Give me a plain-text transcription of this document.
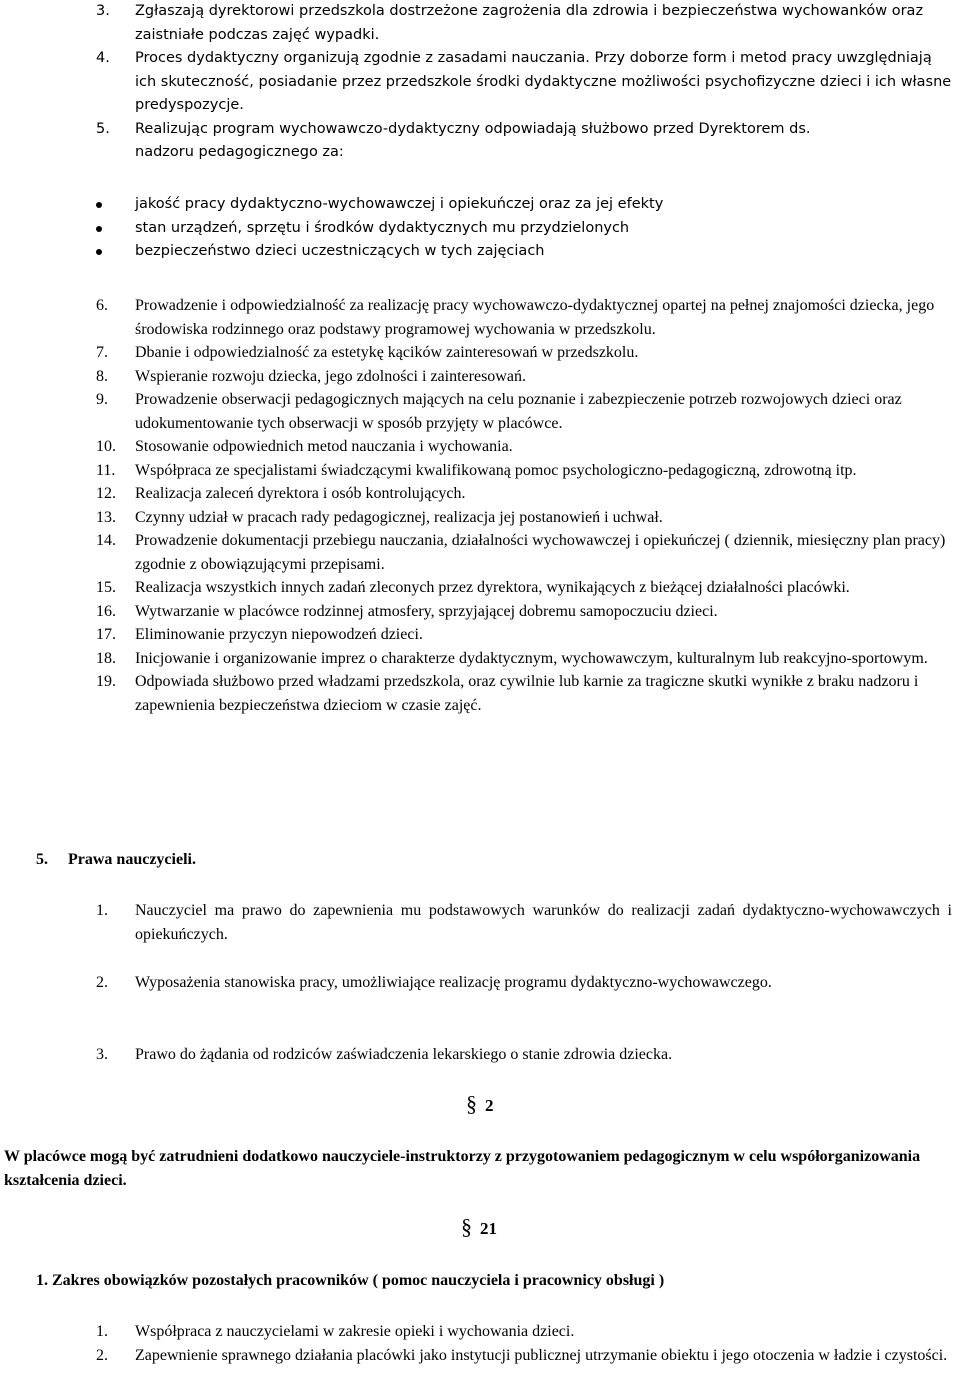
3.	Zgłaszają dyrektorowi przedszkola dostrzeżone zagrożenia dla zdrowia i bezpieczeństwa wychowanków oraz zaistniałe podczas zajęć wypadki.
4.	Proces dydaktyczny organizują zgodnie z zasadami nauczania. Przy doborze form i metod pracy uwzględniają ich skuteczność, posiadanie przez przedszkole środki dydaktyczne możliwości psychofizyczne dzieci i ich własne predyspozycje.
5.	Realizując program wychowawczo-dydaktyczny odpowiadają służbowo przed Dyrektorem ds.
nadzoru pedagogicznego za:
jakość pracy dydaktyczno-wychowawczej i opiekuńczej oraz za jej efekty
stan urządzeń, sprzętu i środków dydaktycznych mu przydzielonych
bezpieczeństwo dzieci uczestniczących w tych zajęciach
6.	Prowadzenie i odpowiedzialność za realizację pracy wychowawczo-dydaktycznej opartej na pełnej znajomości dziecka, jego środowiska rodzinnego oraz podstawy programowej wychowania w przedszkolu.
7.	Dbanie i odpowiedzialność za estetykę kącików zainteresowań w przedszkolu.
8.	Wspieranie rozwoju dziecka, jego zdolności i zainteresowań.
9.	Prowadzenie obserwacji pedagogicznych mających na celu poznanie i zabezpieczenie potrzeb rozwojowych dzieci oraz udokumentowanie tych obserwacji w sposób przyjęty w placówce.
10.	Stosowanie odpowiednich metod nauczania i wychowania.
11.	Współpraca ze specjalistami świadczącymi kwalifikowaną pomoc psychologiczno-pedagogiczną, zdrowotną itp.
12.	Realizacja zaleceń dyrektora i osób kontrolujących.
13.	Czynny udział w pracach rady pedagogicznej, realizacja jej postanowień i uchwał.
14.	Prowadzenie dokumentacji przebiegu nauczania, działalności wychowawczej i opiekuńczej ( dziennik, miesięczny plan pracy) zgodnie z obowiązującymi przepisami.
15.	Realizacja wszystkich innych zadań zleconych przez dyrektora, wynikających z bieżącej działalności placówki.
16.	Wytwarzanie w placówce rodzinnej atmosfery, sprzyjającej dobremu samopoczuciu dzieci.
17.	Eliminowanie przyczyn niepowodzeń dzieci.
18.	Inicjowanie i organizowanie imprez o charakterze dydaktycznym, wychowawczym, kulturalnym lub reakcyjno-sportowym.
19.	Odpowiada służbowo przed władzami przedszkola, oraz cywilnie lub karnie za tragiczne skutki wynikłe z braku nadzoru i zapewnienia bezpieczeństwa dzieciom w czasie zajęć.
5. Prawa nauczycieli.
1.	Nauczyciel ma prawo do zapewnienia mu podstawowych warunków do realizacji zadań dydaktyczno-wychowawczych i opiekuńczych.
2.	Wyposażenia stanowiska pracy, umożliwiające realizację programu dydaktyczno-wychowawczego.
3.	Prawo do żądania od rodziców zaświadczenia lekarskiego o stanie zdrowia dziecka.
§ 2
W placówce mogą być zatrudnieni dodatkowo nauczyciele-instruktorzy z przygotowaniem pedagogicznym w celu współorganizowania kształcenia dzieci.
§ 21
1. Zakres obowiązków pozostałych pracowników ( pomoc nauczyciela i pracownicy obsługi )
1.	Współpraca z nauczycielami w zakresie opieki i wychowania dzieci.
2.	Zapewnienie sprawnego działania placówki jako instytucji publicznej utrzymanie obiektu i jego otoczenia w ładzie i czystości.
